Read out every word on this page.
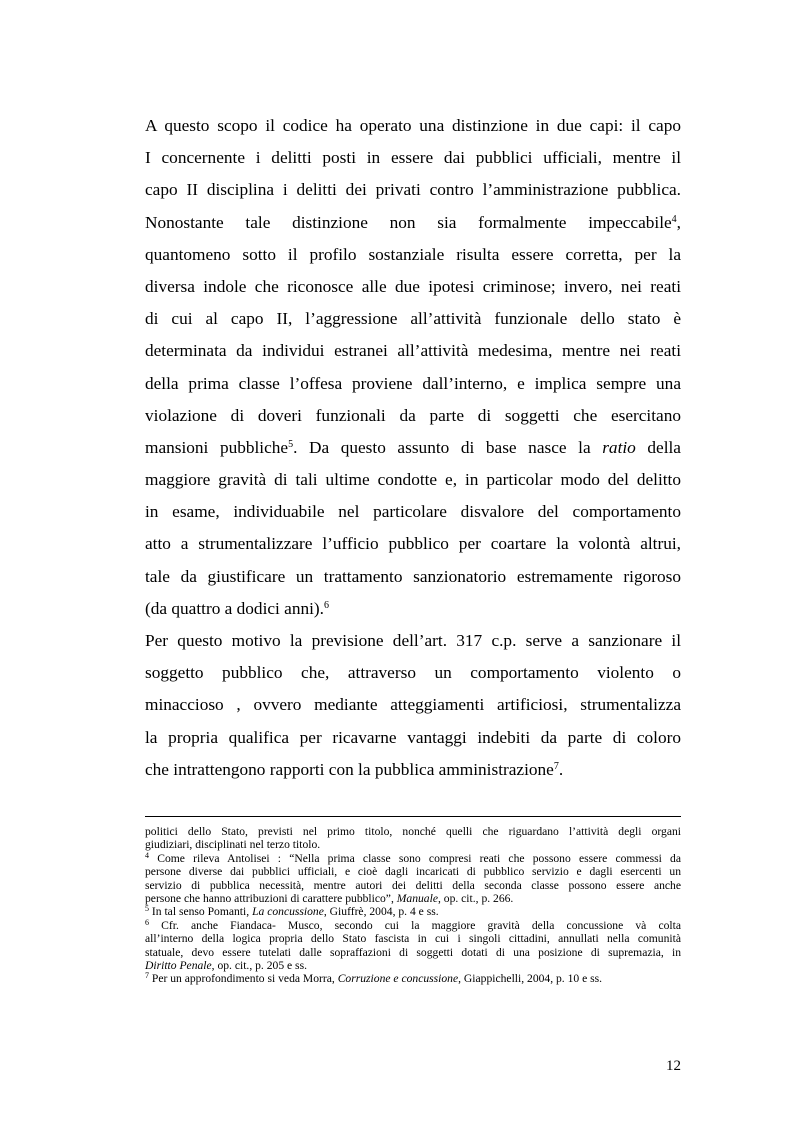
A questo scopo il codice ha operato una distinzione in due capi: il capo
I concernente i delitti posti in essere dai pubblici ufficiali, mentre il
capo II disciplina i delitti dei privati contro l’amministrazione pubblica.
Nonostante tale distinzione non sia formalmente impeccabile$^4$,
quantomeno sotto il profilo sostanziale risulta essere corretta, per la
diversa indole che riconosce alle due ipotesi criminose; invero, nei reati
di cui al capo II, l’aggressione all’attività funzionale dello stato è
determinata da individui estranei all’attività medesima, mentre nei reati
della prima classe l’offesa proviene dall’interno, e implica sempre una
violazione di doveri funzionali da parte di soggetti che esercitano
mansioni pubbliche$^5$. Da questo assunto di base nasce la ratio della
maggiore gravità di tali ultime condotte e, in particolar modo del delitto
in esame, individuabile nel particolare disvalore del comportamento
atto a strumentalizzare l’ufficio pubblico per coartare la volontà altrui,
tale da giustificare un trattamento sanzionatorio estremamente rigoroso
(da quattro a dodici anni).$^6$
Per questo motivo la previsione dell’art. 317 c.p. serve a sanzionare il
soggetto pubblico che, attraverso un comportamento violento o
minaccioso , ovvero mediante atteggiamenti artificiosi, strumentalizza
la propria qualifica per ricavarne vantaggi indebiti da parte di coloro
che intrattengono rapporti con la pubblica amministrazione$^7$.
politici dello Stato, previsti nel primo titolo, nonché quelli che riguardano l’attività degli organi
giudiziari, disciplinati nel terzo titolo.
$^4$ Come rileva Antolisei : “Nella prima classe sono compresi reati che possono essere commessi da
persone diverse dai pubblici ufficiali, e cioè dagli incaricati di pubblico servizio e dagli esercenti un
servizio di pubblica necessità, mentre autori dei delitti della seconda classe possono essere anche
persone che hanno attribuzioni di carattere pubblico”, Manuale, op. cit., p. 266.
$^5$ In tal senso Pomanti, La concussione, Giuffrè, 2004, p. 4 e ss.
$^6$ Cfr. anche Fiandaca- Musco, secondo cui la maggiore gravità della concussione và colta
all’interno della logica propria dello Stato fascista in cui i singoli cittadini, annullati nella comunità
statuale, devo essere tutelati dalle sopraffazioni di soggetti dotati di una posizione di supremazia, in
Diritto Penale, op. cit., p. 205 e ss.
$^7$ Per un approfondimento si veda Morra, Corruzione e concussione, Giappichelli, 2004, p. 10 e ss.
12
